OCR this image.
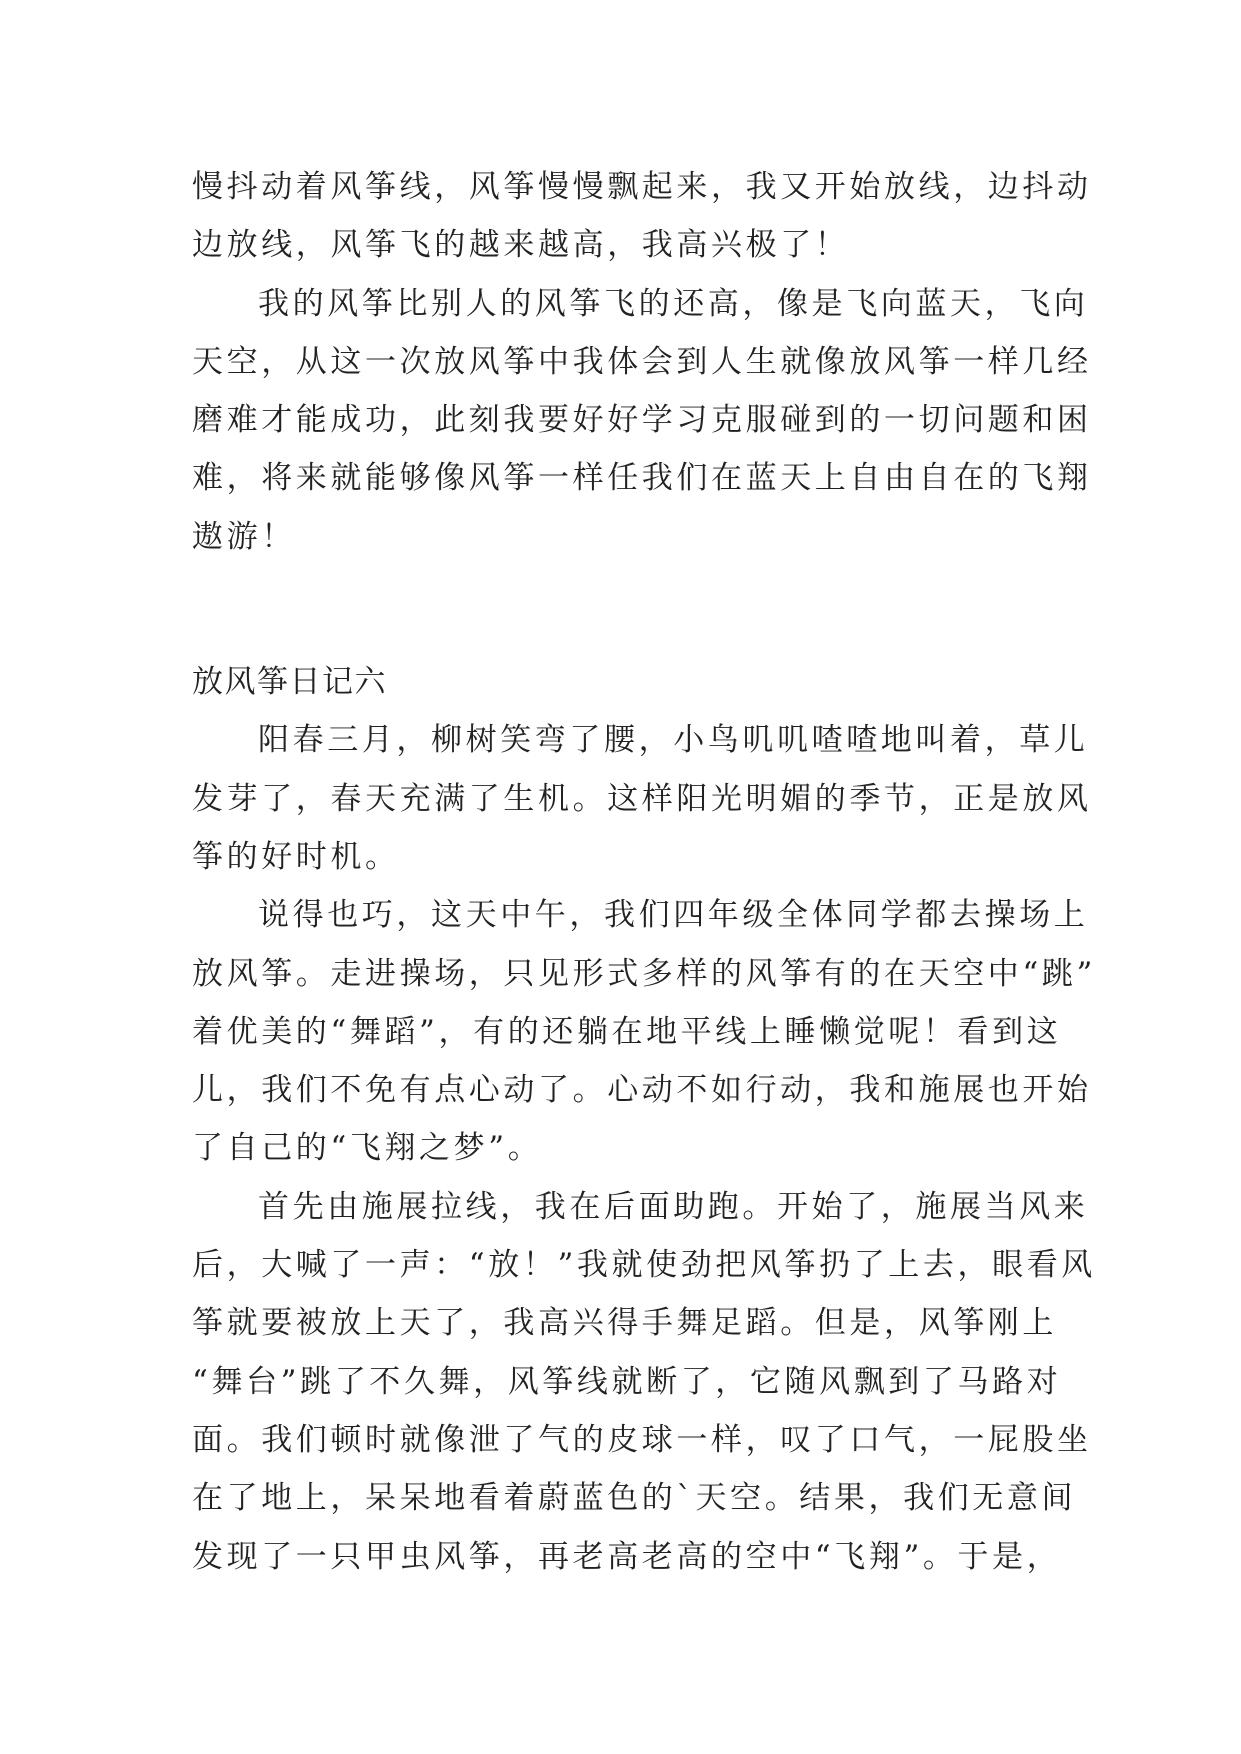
慢抖动着风筝线，风筝慢慢飘起来，我又开始放线，边抖动
边放线，风筝飞的越来越高，我高兴极了！
我的风筝比别人的风筝飞的还高，像是飞向蓝天，飞向
天空，从这一次放风筝中我体会到人生就像放风筝一样几经
磨难才能成功，此刻我要好好学习克服碰到的一切问题和困
难，将来就能够像风筝一样任我们在蓝天上自由自在的飞翔
遨游！
放风筝日记六
阳春三月，柳树笑弯了腰，小鸟叽叽喳喳地叫着，草儿
发芽了，春天充满了生机。这样阳光明媚的季节，正是放风
筝的好时机。
说得也巧，这天中午，我们四年级全体同学都去操场上
放风筝。走进操场，只见形式多样的风筝有的在天空中“跳”
着优美的“舞蹈”，有的还躺在地平线上睡懒觉呢！看到这
儿，我们不免有点心动了。心动不如行动，我和施展也开始
了自己的“飞翔之梦”。
首先由施展拉线，我在后面助跑。开始了，施展当风来
后，大喊了一声：“放！”我就使劲把风筝扔了上去，眼看风
筝就要被放上天了，我高兴得手舞足蹈。但是，风筝刚上
“舞台”跳了不久舞，风筝线就断了，它随风飘到了马路对
面。我们顿时就像泄了气的皮球一样，叹了口气，一屁股坐
在了地上，呆呆地看着蔚蓝色的`天空。结果，我们无意间
发现了一只甲虫风筝，再老高老高的空中“飞翔”。于是，
